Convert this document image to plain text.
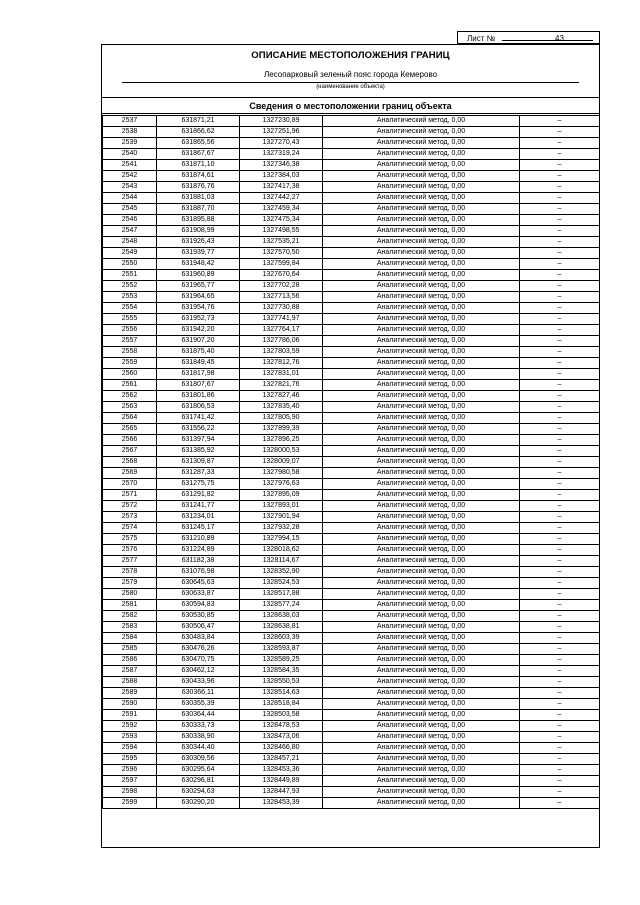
Лист №	43
ОПИСАНИЕ МЕСТОПОЛОЖЕНИЯ ГРАНИЦ
Лесопарковый зеленый пояс города Кемерово
(наименование объекта)
Сведения о местоположении границ объекта
2537	631871,21	1327230,89	Аналитический метод, 0,00	–
2538	631866,62	1327251,96	Аналитический метод, 0,00	–
2539	631865,56	1327270,43	Аналитический метод, 0,00	–
2540	631867,67	1327319,24	Аналитический метод, 0,00	–
2541	631871,10	1327346,38	Аналитический метод, 0,00	–
2542	631874,61	1327384,03	Аналитический метод, 0,00	–
2543	631876,76	1327417,38	Аналитический метод, 0,00	–
2544	631881,03	1327442,27	Аналитический метод, 0,00	–
2545	631887,70	1327459,34	Аналитический метод, 0,00	–
2546	631895,88	1327475,34	Аналитический метод, 0,00	–
2547	631908,99	1327498,55	Аналитический метод, 0,00	–
2548	631926,43	1327535,21	Аналитический метод, 0,00	–
2549	631939,77	1327570,50	Аналитический метод, 0,00	–
2550	631948,42	1327599,84	Аналитический метод, 0,00	–
2551	631960,89	1327670,64	Аналитический метод, 0,00	–
2552	631965,77	1327702,28	Аналитический метод, 0,00	–
2553	631964,65	1327713,56	Аналитический метод, 0,00	–
2554	631954,76	1327730,88	Аналитический метод, 0,00	–
2555	631952,73	1327741,97	Аналитический метод, 0,00	–
2556	631942,20	1327764,17	Аналитический метод, 0,00	–
2557	631907,20	1327786,06	Аналитический метод, 0,00	–
2558	631875,40	1327803,59	Аналитический метод, 0,00	–
2559	631849,45	1327812,76	Аналитический метод, 0,00	–
2560	631817,98	1327831,01	Аналитический метод, 0,00	–
2561	631807,67	1327821,76	Аналитический метод, 0,00	–
2562	631801,86	1327827,46	Аналитический метод, 0,00	–
2563	631806,53	1327835,40	Аналитический метод, 0,00	–
2564	631741,42	1327805,90	Аналитический метод, 0,00	–
2565	631556,22	1327899,39	Аналитический метод, 0,00	–
2566	631397,94	1327896,25	Аналитический метод, 0,00	–
2567	631385,92	1328000,53	Аналитический метод, 0,00	–
2568	631309,87	1328009,07	Аналитический метод, 0,00	–
2569	631287,33	1327980,58	Аналитический метод, 0,00	–
2570	631275,75	1327976,63	Аналитический метод, 0,00	–
2571	631291,82	1327895,09	Аналитический метод, 0,00	–
2572	631241,77	1327893,01	Аналитический метод, 0,00	–
2573	631234,01	1327901,94	Аналитический метод, 0,00	–
2574	631245,17	1327932,28	Аналитический метод, 0,00	–
2575	631210,89	1327994,15	Аналитический метод, 0,00	–
2576	631224,89	1328018,62	Аналитический метод, 0,00	–
2577	631182,38	1328114,67	Аналитический метод, 0,00	–
2578	631076,98	1328352,90	Аналитический метод, 0,00	–
2579	630645,63	1328524,53	Аналитический метод, 0,00	–
2580	630633,87	1328517,88	Аналитический метод, 0,00	–
2581	630594,83	1328577,24	Аналитический метод, 0,00	–
2582	630530,85	1328638,03	Аналитический метод, 0,00	–
2583	630506,47	1328638,81	Аналитический метод, 0,00	–
2584	630483,84	1328603,39	Аналитический метод, 0,00	–
2585	630476,26	1328593,87	Аналитический метод, 0,00	–
2586	630470,75	1328589,25	Аналитический метод, 0,00	–
2587	630462,12	1328584,35	Аналитический метод, 0,00	–
2588	630433,96	1328550,53	Аналитический метод, 0,00	–
2589	630366,11	1328514,63	Аналитический метод, 0,00	–
2590	630355,39	1328518,84	Аналитический метод, 0,00	–
2591	630364,44	1328503,58	Аналитический метод, 0,00	–
2592	630333,73	1328478,53	Аналитический метод, 0,00	–
2593	630338,90	1328473,06	Аналитический метод, 0,00	–
2594	630344,40	1328466,80	Аналитический метод, 0,00	–
2595	630309,56	1328457,21	Аналитический метод, 0,00	–
2596	630295,64	1328453,36	Аналитический метод, 0,00	–
2597	630296,81	1328449,89	Аналитический метод, 0,00	–
2598	630294,63	1328447,93	Аналитический метод, 0,00	–
2599	630290,20	1328453,39	Аналитический метод, 0,00	–
